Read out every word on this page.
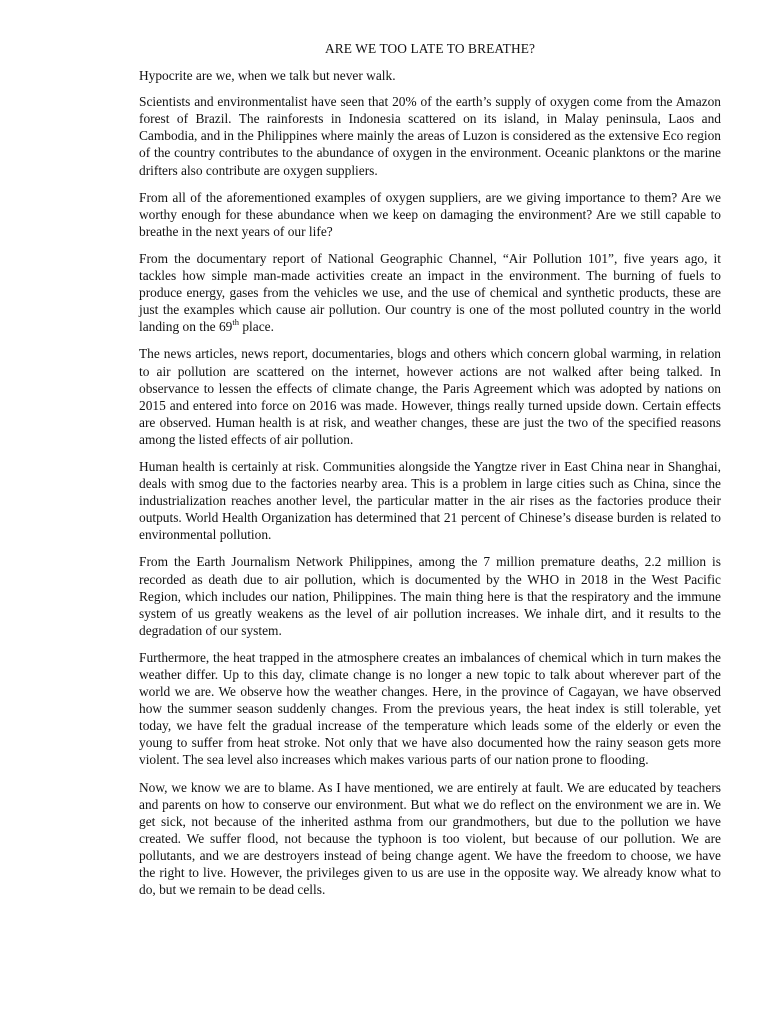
ARE WE TOO LATE TO BREATHE?

Hypocrite are we, when we talk but never walk.

Scientists and environmentalist have seen that 20% of the earth’s supply of oxygen come from the Amazon forest of Brazil. The rainforests in Indonesia scattered on its island, in Malay peninsula, Laos and Cambodia, and in the Philippines where mainly the areas of Luzon is considered as the extensive Eco region of the country contributes to the abundance of oxygen in the environment. Oceanic planktons or the marine drifters also contribute are oxygen suppliers.

From all of the aforementioned examples of oxygen suppliers, are we giving importance to them? Are we worthy enough for these abundance when we keep on damaging the environment? Are we still capable to breathe in the next years of our life?

From the documentary report of National Geographic Channel, “Air Pollution 101”, five years ago, it tackles how simple man-made activities create an impact in the environment. The burning of fuels to produce energy, gases from the vehicles we use, and the use of chemical and synthetic products, these are just the examples which cause air pollution. Our country is one of the most polluted country in the world landing on the 69th place.

The news articles, news report, documentaries, blogs and others which concern global warming, in relation to air pollution are scattered on the internet, however actions are not walked after being talked. In observance to lessen the effects of climate change, the Paris Agreement which was adopted by nations on 2015 and entered into force on 2016 was made. However, things really turned upside down. Certain effects are observed. Human health is at risk, and weather changes, these are just the two of the specified reasons among the listed effects of air pollution.

Human health is certainly at risk. Communities alongside the Yangtze river in East China near in Shanghai, deals with smog due to the factories nearby area. This is a problem in large cities such as China, since the industrialization reaches another level, the particular matter in the air rises as the factories produce their outputs. World Health Organization has determined that 21 percent of Chinese’s disease burden is related to environmental pollution.

From the Earth Journalism Network Philippines, among the 7 million premature deaths, 2.2 million is recorded as death due to air pollution, which is documented by the WHO in 2018 in the West Pacific Region, which includes our nation, Philippines. The main thing here is that the respiratory and the immune system of us greatly weakens as the level of air pollution increases. We inhale dirt, and it results to the degradation of our system.

Furthermore, the heat trapped in the atmosphere creates an imbalances of chemical which in turn makes the weather differ. Up to this day, climate change is no longer a new topic to talk about wherever part of the world we are. We observe how the weather changes. Here, in the province of Cagayan, we have observed how the summer season suddenly changes. From the previous years, the heat index is still tolerable, yet today, we have felt the gradual increase of the temperature which leads some of the elderly or even the young to suffer from heat stroke. Not only that we have also documented how the rainy season gets more violent. The sea level also increases which makes various parts of our nation prone to flooding.

Now, we know we are to blame. As I have mentioned, we are entirely at fault. We are educated by teachers and parents on how to conserve our environment. But what we do reflect on the environment we are in. We get sick, not because of the inherited asthma from our grandmothers, but due to the pollution we have created. We suffer flood, not because the typhoon is too violent, but because of our pollution. We are pollutants, and we are destroyers instead of being change agent. We have the freedom to choose, we have the right to live. However, the privileges given to us are use in the opposite way. We already know what to do, but we remain to be dead cells.
